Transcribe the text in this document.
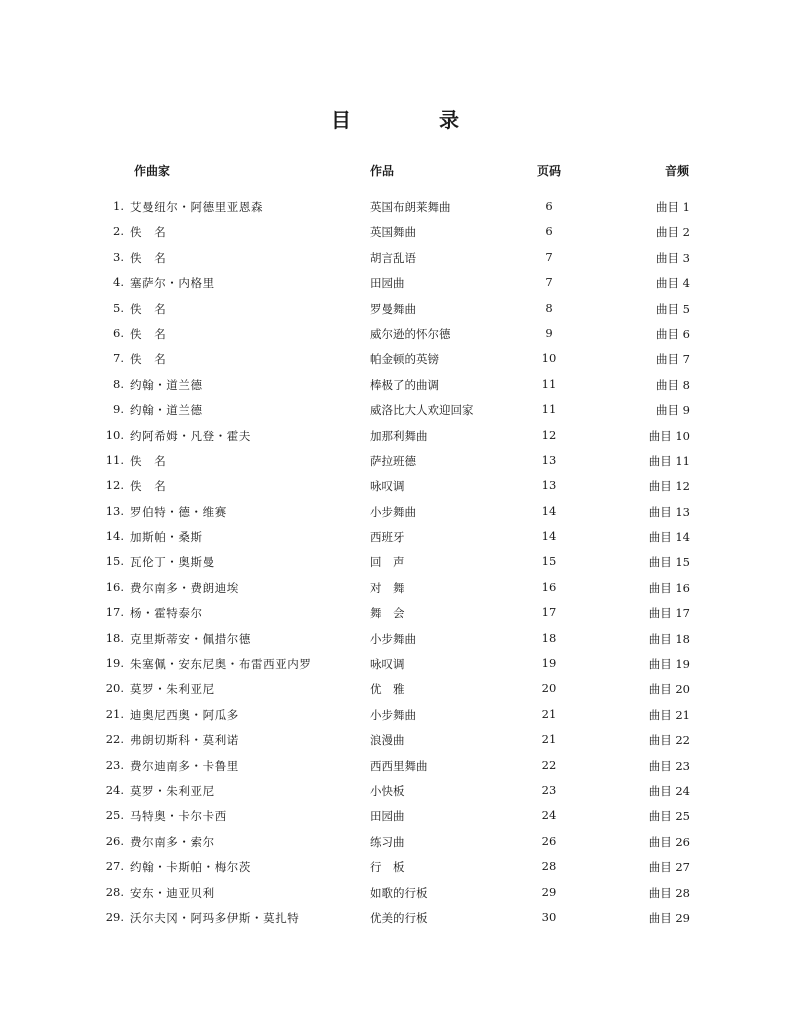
目　录
作曲家	作品	页码	音频
1. 艾曼纽尔・阿德里亚恩森	英国布朗莱舞曲	6	曲目 1
2. 佚　名	英国舞曲	6	曲目 2
3. 佚　名	胡言乱语	7	曲目 3
4. 塞萨尔・内格里	田园曲	7	曲目 4
5. 佚　名	罗曼舞曲	8	曲目 5
6. 佚　名	威尔逊的怀尔德	9	曲目 6
7. 佚　名	帕金顿的英镑	10	曲目 7
8. 约翰・道兰德	棒极了的曲调	11	曲目 8
9. 约翰・道兰德	威洛比大人欢迎回家	11	曲目 9
10. 约阿希姆・凡登・霍夫	加那利舞曲	12	曲目 10
11. 佚　名	萨拉班德	13	曲目 11
12. 佚　名	咏叹调	13	曲目 12
13. 罗伯特・德・维赛	小步舞曲	14	曲目 13
14. 加斯帕・桑斯	西班牙	14	曲目 14
15. 瓦伦丁・奥斯曼	回　声	15	曲目 15
16. 费尔南多・费朗迪埃	对　舞	16	曲目 16
17. 杨・霍特泰尔	舞　会	17	曲目 17
18. 克里斯蒂安・佩措尔德	小步舞曲	18	曲目 18
19. 朱塞佩・安东尼奥・布雷西亚内罗	咏叹调	19	曲目 19
20. 莫罗・朱利亚尼	优　雅	20	曲目 20
21. 迪奥尼西奥・阿瓜多	小步舞曲	21	曲目 21
22. 弗朗切斯科・莫利诺	浪漫曲	21	曲目 22
23. 费尔迪南多・卡鲁里	西西里舞曲	22	曲目 23
24. 莫罗・朱利亚尼	小快板	23	曲目 24
25. 马特奥・卡尔卡西	田园曲	24	曲目 25
26. 费尔南多・索尔	练习曲	26	曲目 26
27. 约翰・卡斯帕・梅尔茨	行　板	28	曲目 27
28. 安东・迪亚贝利	如歌的行板	29	曲目 28
29. 沃尔夫冈・阿玛多伊斯・莫扎特	优美的行板	30	曲目 29
